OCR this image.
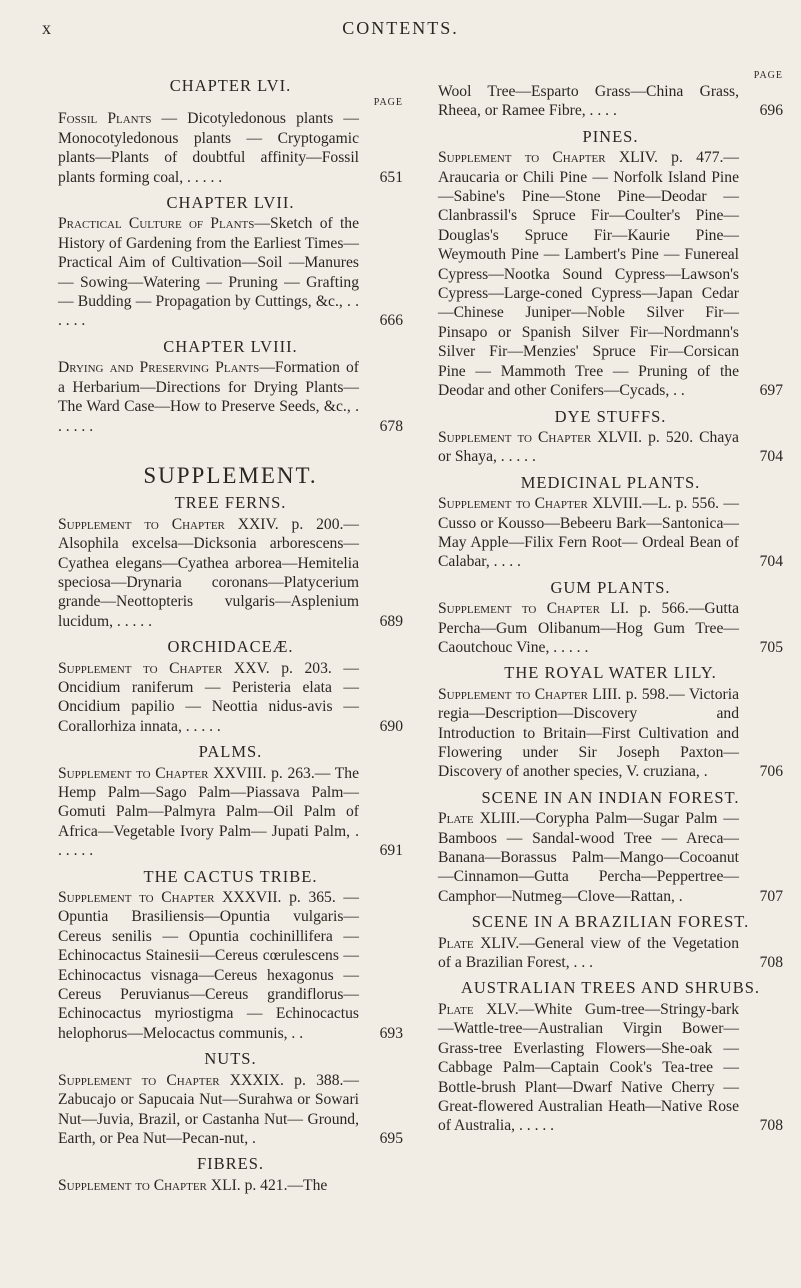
x	CONTENTS.
CHAPTER LVI.
PAGE
Fossil Plants — Dicotyledonous plants — Monocotyledonous plants — Cryptogamic plants—Plants of doubtful affinity—Fossil plants forming coal, . . . . .	651
CHAPTER LVII.
Practical Culture of Plants—Sketch of the History of Gardening from the Earliest Times—Practical Aim of Cultivation—Soil —Manures — Sowing—Watering — Pruning — Grafting — Budding — Propagation by Cuttings, &c., . . . . . .	666
CHAPTER LVIII.
Drying and Preserving Plants—Formation of a Herbarium—Directions for Drying Plants—The Ward Case—How to Preserve Seeds, &c., . . . . . .	678
SUPPLEMENT.
TREE FERNS.
Supplement to Chapter XXIV. p. 200.— Alsophila excelsa—Dicksonia arborescens— Cyathea elegans—Cyathea arborea—Hemitelia speciosa—Drynaria coronans—Platycerium grande—Neottopteris vulgaris—Asplenium lucidum, . . . . .	689
ORCHIDACEÆ.
Supplement to Chapter XXV. p. 203. — Oncidium raniferum — Peristeria elata — Oncidium papilio — Neottia nidus-avis — Corallorhiza innata, . . . . .	690
PALMS.
Supplement to Chapter XXVIII. p. 263.— The Hemp Palm—Sago Palm—Piassava Palm—Gomuti Palm—Palmyra Palm—Oil Palm of Africa—Vegetable Ivory Palm— Jupati Palm, . . . . . .	691
THE CACTUS TRIBE.
Supplement to Chapter XXXVII. p. 365. —Opuntia Brasiliensis—Opuntia vulgaris— Cereus senilis — Opuntia cochinillifera — Echinocactus Stainesii—Cereus cœrulescens —Echinocactus visnaga—Cereus hexagonus —Cereus Peruvianus—Cereus grandiflorus— Echinocactus myriostigma — Echinocactus helophorus—Melocactus communis, . .	693
NUTS.
Supplement to Chapter XXXIX. p. 388.— Zabucajo or Sapucaia Nut—Surahwa or Sowari Nut—Juvia, Brazil, or Castanha Nut— Ground, Earth, or Pea Nut—Pecan-nut, .	695
FIBRES.
Supplement to Chapter XLI. p. 421.—The
PAGE
Wool Tree—Esparto Grass—China Grass, Rheea, or Ramee Fibre, . . . .	696
PINES.
Supplement to Chapter XLIV. p. 477.— Araucaria or Chili Pine — Norfolk Island Pine—Sabine's Pine—Stone Pine—Deodar —Clanbrassil's Spruce Fir—Coulter's Pine— Douglas's Spruce Fir—Kaurie Pine—Weymouth Pine — Lambert's Pine — Funereal Cypress—Nootka Sound Cypress—Lawson's Cypress—Large-coned Cypress—Japan Cedar—Chinese Juniper—Noble Silver Fir— Pinsapo or Spanish Silver Fir—Nordmann's Silver Fir—Menzies' Spruce Fir—Corsican Pine — Mammoth Tree — Pruning of the Deodar and other Conifers—Cycads, . .	697
DYE STUFFS.
Supplement to Chapter XLVII. p. 520. Chaya or Shaya, . . . . .	704
MEDICINAL PLANTS.
Supplement to Chapter XLVIII.—L. p. 556. —Cusso or Kousso—Bebeeru Bark—Santonica—May Apple—Filix Fern Root— Ordeal Bean of Calabar, . . . .	704
GUM PLANTS.
Supplement to Chapter LI. p. 566.—Gutta Percha—Gum Olibanum—Hog Gum Tree— Caoutchouc Vine, . . . . .	705
THE ROYAL WATER LILY.
Supplement to Chapter LIII. p. 598.— Victoria regia—Description—Discovery and Introduction to Britain—First Cultivation and Flowering under Sir Joseph Paxton— Discovery of another species, V. cruziana, .	706
SCENE IN AN INDIAN FOREST.
Plate XLIII.—Corypha Palm—Sugar Palm — Bamboos — Sandal-wood Tree — Areca— Banana—Borassus Palm—Mango—Cocoanut—Cinnamon—Gutta Percha—Peppertree—Camphor—Nutmeg—Clove—Rattan, .	707
SCENE IN A BRAZILIAN FOREST.
Plate XLIV.—General view of the Vegetation of a Brazilian Forest, . . .	708
AUSTRALIAN TREES AND SHRUBS.
Plate XLV.—White Gum-tree—Stringy-bark —Wattle-tree—Australian Virgin Bower— Grass-tree Everlasting Flowers—She-oak —Cabbage Palm—Captain Cook's Tea-tree —Bottle-brush Plant—Dwarf Native Cherry —Great-flowered Australian Heath—Native Rose of Australia, . . . . .	708
